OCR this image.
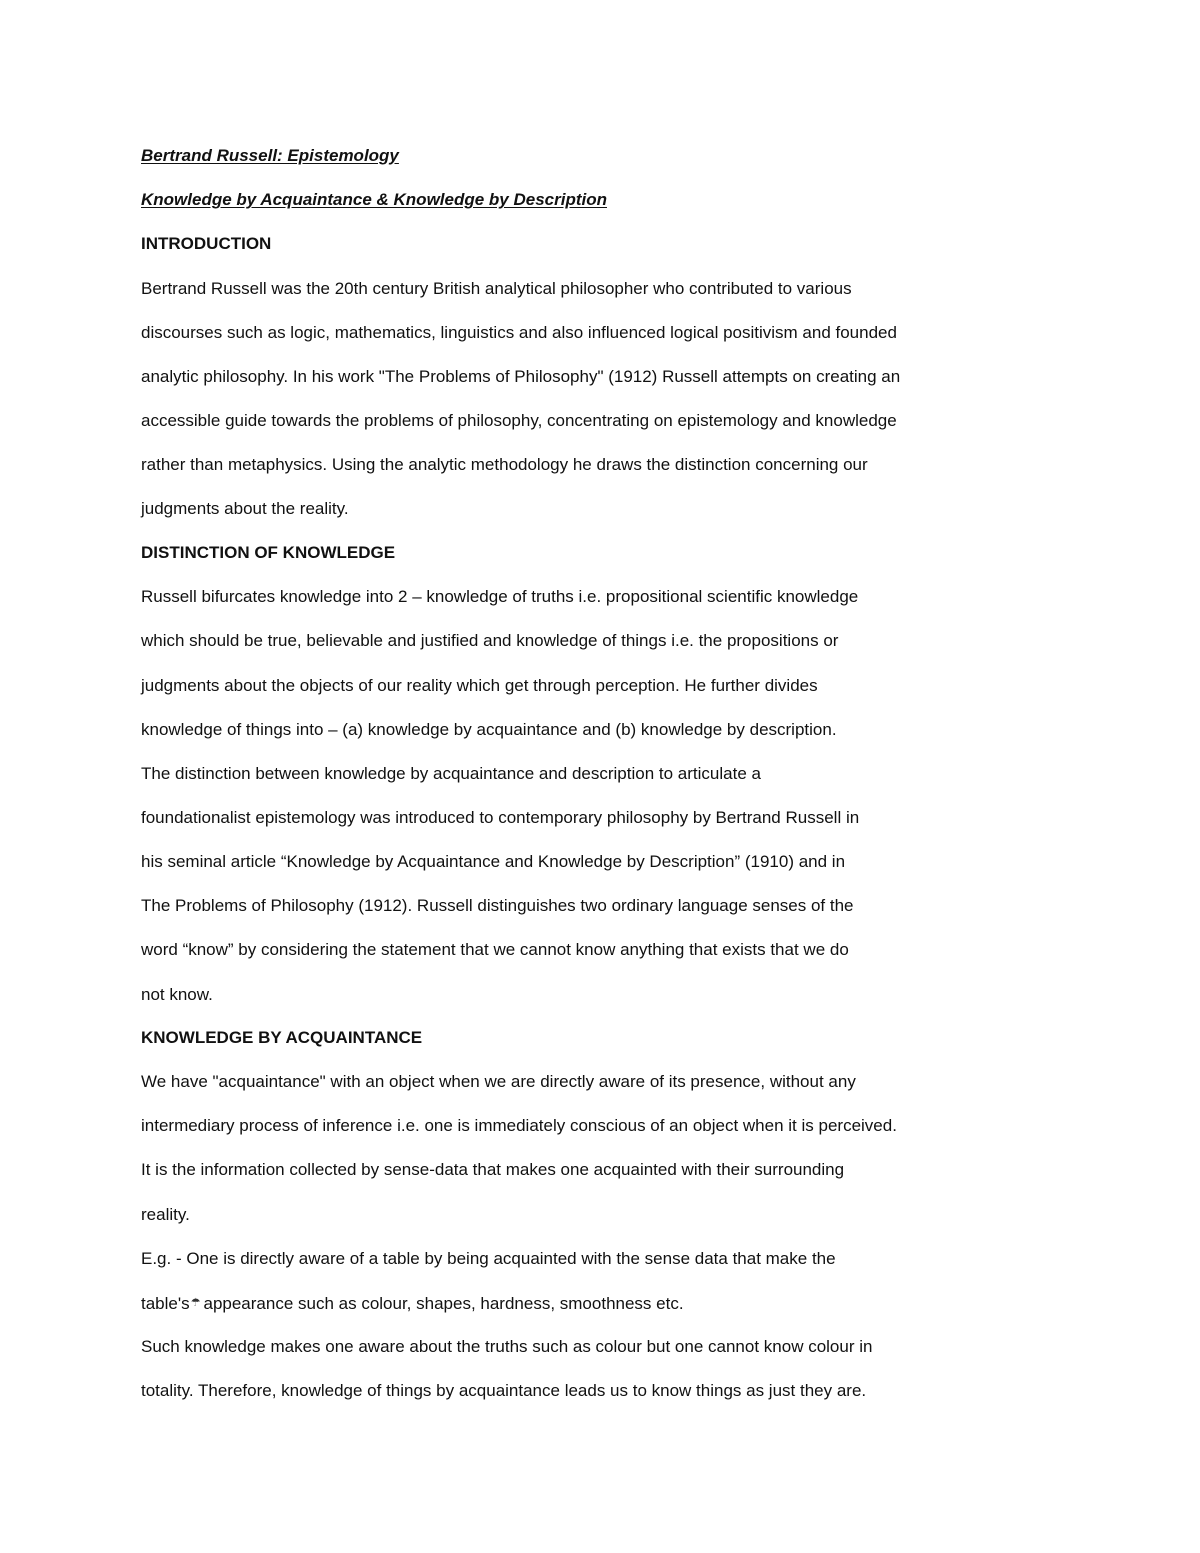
Bertrand Russell: Epistemology

Knowledge by Acquaintance & Knowledge by Description

INTRODUCTION

Bertrand Russell was the 20th century British analytical philosopher who contributed to various

discourses such as logic, mathematics, linguistics and also influenced logical positivism and founded

analytic philosophy. In his work "The Problems of Philosophy" (1912) Russell attempts on creating an

accessible guide towards the problems of philosophy, concentrating on epistemology and knowledge

rather than metaphysics. Using the analytic methodology he draws the distinction concerning our

judgments about the reality.

DISTINCTION OF KNOWLEDGE

Russell bifurcates knowledge into 2 – knowledge of truths i.e. propositional scientific knowledge

which should be true, believable and justified and knowledge of things i.e. the propositions or

judgments about the objects of our reality which get through perception. He further divides

knowledge of things into – (a) knowledge by acquaintance and (b) knowledge by description.

The distinction between knowledge by acquaintance and description to articulate a

foundationalist epistemology was introduced to contemporary philosophy by Bertrand Russell in

his seminal article “Knowledge by Acquaintance and Knowledge by Description” (1910) and in

The Problems of Philosophy (1912). Russell distinguishes two ordinary language senses of the

word “know” by considering the statement that we cannot know anything that exists that we do

not know.

KNOWLEDGE BY ACQUAINTANCE

We have "acquaintance" with an object when we are directly aware of its presence, without any

intermediary process of inference i.e. one is immediately conscious of an object when it is perceived.

It is the information collected by sense-data that makes one acquainted with their surrounding

reality.

E.g. - One is directly aware of a table by being acquainted with the sense data that make the

table's☂ appearance such as colour, shapes, hardness, smoothness etc.

Such knowledge makes one aware about the truths such as colour but one cannot know colour in

totality. Therefore, knowledge of things by acquaintance leads us to know things as just they are.
